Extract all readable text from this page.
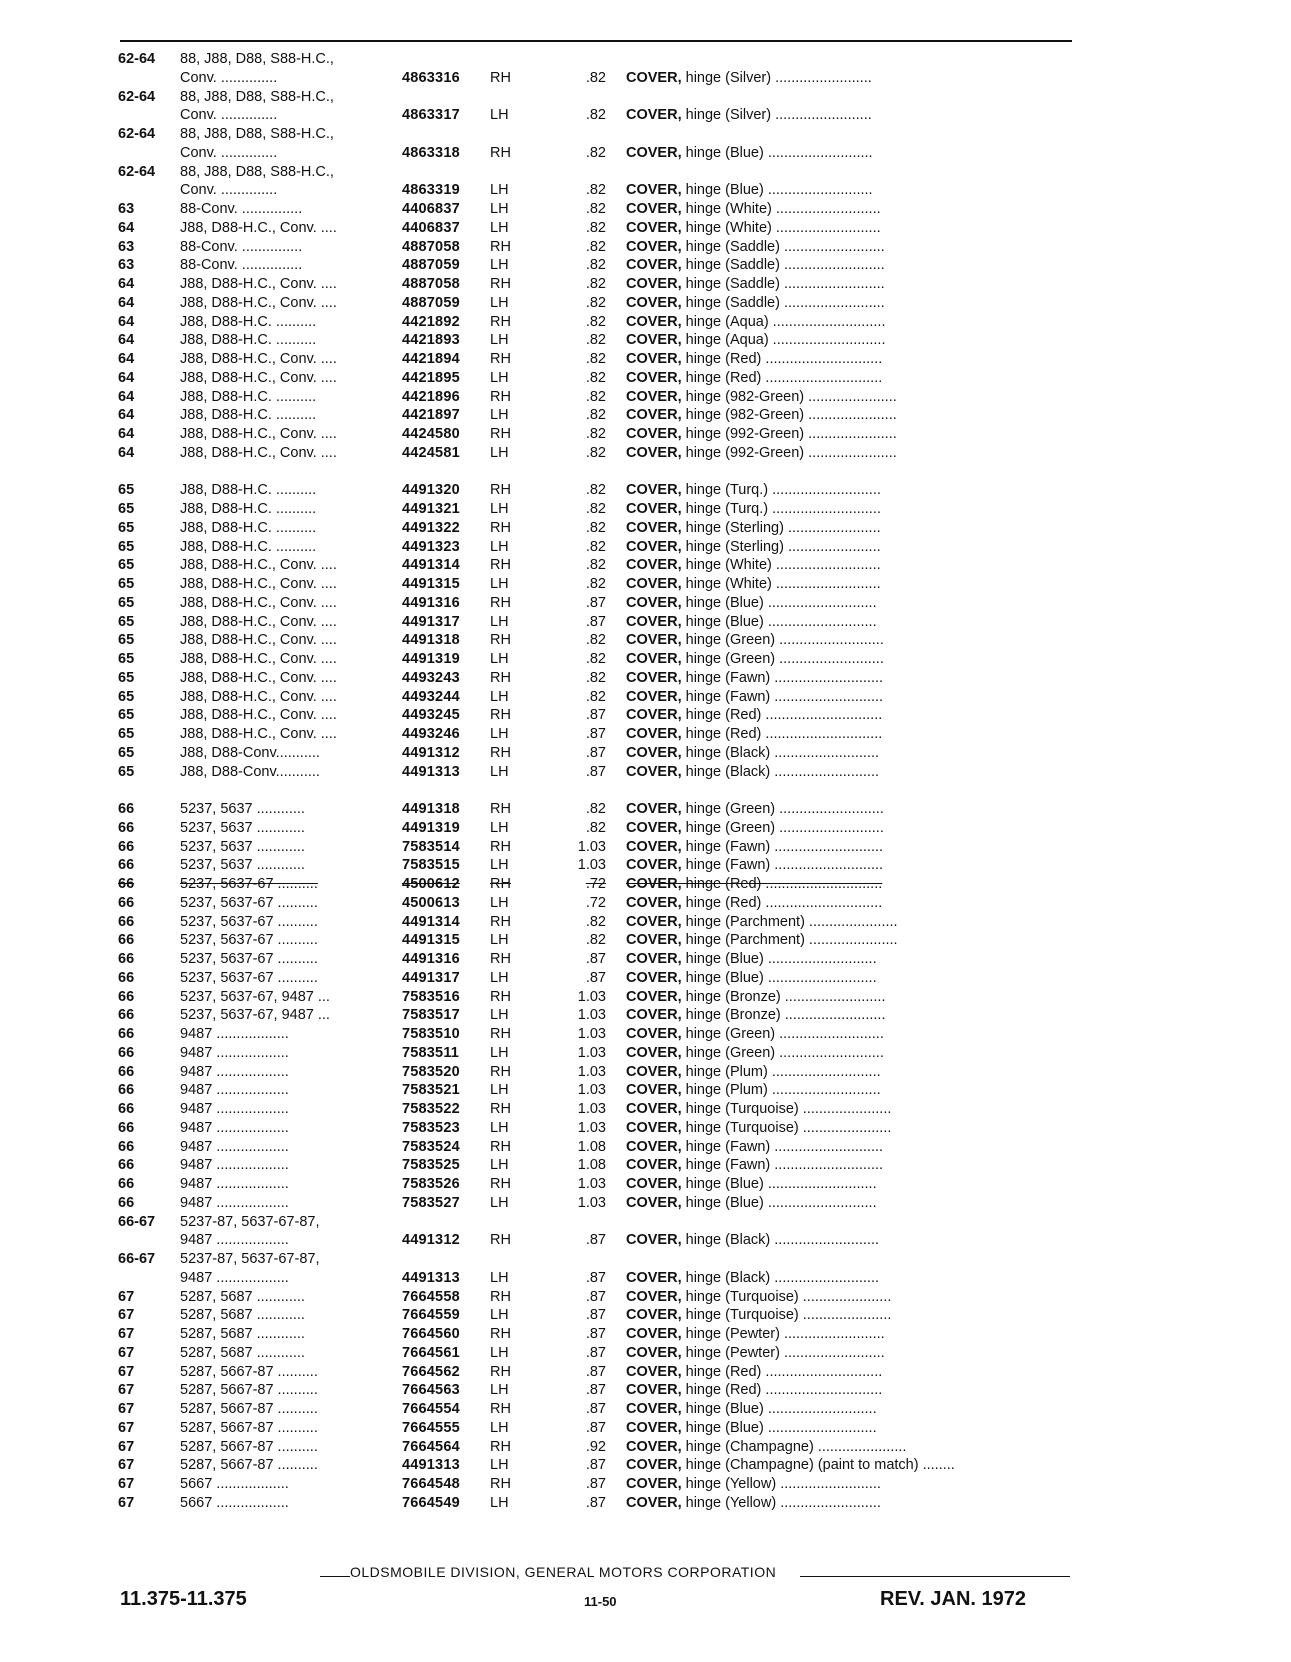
62-64	88, J88, D88, S88-H.C.,					
	Conv. ..............	4863316	RH	.82		COVER, hinge (Silver) ........................
62-64	88, J88, D88, S88-H.C.,					
	Conv. ..............	4863317	LH	.82		COVER, hinge (Silver) ........................
62-64	88, J88, D88, S88-H.C.,					
	Conv. ..............	4863318	RH	.82		COVER, hinge (Blue) ..........................
62-64	88, J88, D88, S88-H.C.,					
	Conv. ..............	4863319	LH	.82		COVER, hinge (Blue) ..........................
63	88-Conv. ...............	4406837	LH	.82		COVER, hinge (White) ..........................
64	J88, D88-H.C., Conv. ....	4406837	LH	.82		COVER, hinge (White) ..........................
63	88-Conv. ...............	4887058	RH	.82		COVER, hinge (Saddle) .........................
63	88-Conv. ...............	4887059	LH	.82		COVER, hinge (Saddle) .........................
64	J88, D88-H.C., Conv. ....	4887058	RH	.82		COVER, hinge (Saddle) .........................
64	J88, D88-H.C., Conv. ....	4887059	LH	.82		COVER, hinge (Saddle) .........................
64	J88, D88-H.C. ..........	4421892	RH	.82		COVER, hinge (Aqua) ............................
64	J88, D88-H.C. ..........	4421893	LH	.82		COVER, hinge (Aqua) ............................
64	J88, D88-H.C., Conv. ....	4421894	RH	.82		COVER, hinge (Red) .............................
64	J88, D88-H.C., Conv. ....	4421895	LH	.82		COVER, hinge (Red) .............................
64	J88, D88-H.C. ..........	4421896	RH	.82		COVER, hinge (982-Green) ......................
64	J88, D88-H.C. ..........	4421897	LH	.82		COVER, hinge (982-Green) ......................
64	J88, D88-H.C., Conv. ....	4424580	RH	.82		COVER, hinge (992-Green) ......................
64	J88, D88-H.C., Conv. ....	4424581	LH	.82		COVER, hinge (992-Green) ......................

65	J88, D88-H.C. ..........	4491320	RH	.82		COVER, hinge (Turq.) ...........................
65	J88, D88-H.C. ..........	4491321	LH	.82		COVER, hinge (Turq.) ...........................
65	J88, D88-H.C. ..........	4491322	RH	.82		COVER, hinge (Sterling) .......................
65	J88, D88-H.C. ..........	4491323	LH	.82		COVER, hinge (Sterling) .......................
65	J88, D88-H.C., Conv. ....	4491314	RH	.82		COVER, hinge (White) ..........................
65	J88, D88-H.C., Conv. ....	4491315	LH	.82		COVER, hinge (White) ..........................
65	J88, D88-H.C., Conv. ....	4491316	RH	.87		COVER, hinge (Blue) ...........................
65	J88, D88-H.C., Conv. ....	4491317	LH	.87		COVER, hinge (Blue) ...........................
65	J88, D88-H.C., Conv. ....	4491318	RH	.82		COVER, hinge (Green) ..........................
65	J88, D88-H.C., Conv. ....	4491319	LH	.82		COVER, hinge (Green) ..........................
65	J88, D88-H.C., Conv. ....	4493243	RH	.82		COVER, hinge (Fawn) ...........................
65	J88, D88-H.C., Conv. ....	4493244	LH	.82		COVER, hinge (Fawn) ...........................
65	J88, D88-H.C., Conv. ....	4493245	RH	.87		COVER, hinge (Red) .............................
65	J88, D88-H.C., Conv. ....	4493246	LH	.87		COVER, hinge (Red) .............................
65	J88, D88-Conv...........	4491312	RH	.87		COVER, hinge (Black) ..........................
65	J88, D88-Conv...........	4491313	LH	.87		COVER, hinge (Black) ..........................

66	5237, 5637 ............	4491318	RH	.82		COVER, hinge (Green) ..........................
66	5237, 5637 ............	4491319	LH	.82		COVER, hinge (Green) ..........................
66	5237, 5637 ............	7583514	RH	1.03		COVER, hinge (Fawn) ...........................
66	5237, 5637 ............	7583515	LH	1.03		COVER, hinge (Fawn) ...........................
66	5237, 5637-67 ..........	4500612	RH	.72		COVER, hinge (Red) .............................
66	5237, 5637-67 ..........	4500613	LH	.72		COVER, hinge (Red) .............................
66	5237, 5637-67 ..........	4491314	RH	.82		COVER, hinge (Parchment) ......................
66	5237, 5637-67 ..........	4491315	LH	.82		COVER, hinge (Parchment) ......................
66	5237, 5637-67 ..........	4491316	RH	.87		COVER, hinge (Blue) ...........................
66	5237, 5637-67 ..........	4491317	LH	.87		COVER, hinge (Blue) ...........................
66	5237, 5637-67, 9487 ...	7583516	RH	1.03		COVER, hinge (Bronze) .........................
66	5237, 5637-67, 9487 ...	7583517	LH	1.03		COVER, hinge (Bronze) .........................
66	9487 ..................	7583510	RH	1.03		COVER, hinge (Green) ..........................
66	9487 ..................	7583511	LH	1.03		COVER, hinge (Green) ..........................
66	9487 ..................	7583520	RH	1.03		COVER, hinge (Plum) ...........................
66	9487 ..................	7583521	LH	1.03		COVER, hinge (Plum) ...........................
66	9487 ..................	7583522	RH	1.03		COVER, hinge (Turquoise) ......................
66	9487 ..................	7583523	LH	1.03		COVER, hinge (Turquoise) ......................
66	9487 ..................	7583524	RH	1.08		COVER, hinge (Fawn) ...........................
66	9487 ..................	7583525	LH	1.08		COVER, hinge (Fawn) ...........................
66	9487 ..................	7583526	RH	1.03		COVER, hinge (Blue) ...........................
66	9487 ..................	7583527	LH	1.03		COVER, hinge (Blue) ...........................
66-67	5237-87, 5637-67-87,					
	9487 ..................	4491312	RH	.87		COVER, hinge (Black) ..........................
66-67	5237-87, 5637-67-87,					
	9487 ..................	4491313	LH	.87		COVER, hinge (Black) ..........................
67	5287, 5687 ............	7664558	RH	.87		COVER, hinge (Turquoise) ......................
67	5287, 5687 ............	7664559	LH	.87		COVER, hinge (Turquoise) ......................
67	5287, 5687 ............	7664560	RH	.87		COVER, hinge (Pewter) .........................
67	5287, 5687 ............	7664561	LH	.87		COVER, hinge (Pewter) .........................
67	5287, 5667-87 ..........	7664562	RH	.87		COVER, hinge (Red) .............................
67	5287, 5667-87 ..........	7664563	LH	.87		COVER, hinge (Red) .............................
67	5287, 5667-87 ..........	7664554	RH	.87		COVER, hinge (Blue) ...........................
67	5287, 5667-87 ..........	7664555	LH	.87		COVER, hinge (Blue) ...........................
67	5287, 5667-87 ..........	7664564	RH	.92		COVER, hinge (Champagne) ......................
67	5287, 5667-87 ..........	4491313	LH	.87		COVER, hinge (Champagne) (paint to match) ........
67	5667 ..................	7664548	RH	.87		COVER, hinge (Yellow) .........................
67	5667 ..................	7664549	LH	.87		COVER, hinge (Yellow) .........................
OLDSMOBILE DIVISION, GENERAL MOTORS CORPORATION
11.375-11.375	11-50	REV. JAN. 1972
